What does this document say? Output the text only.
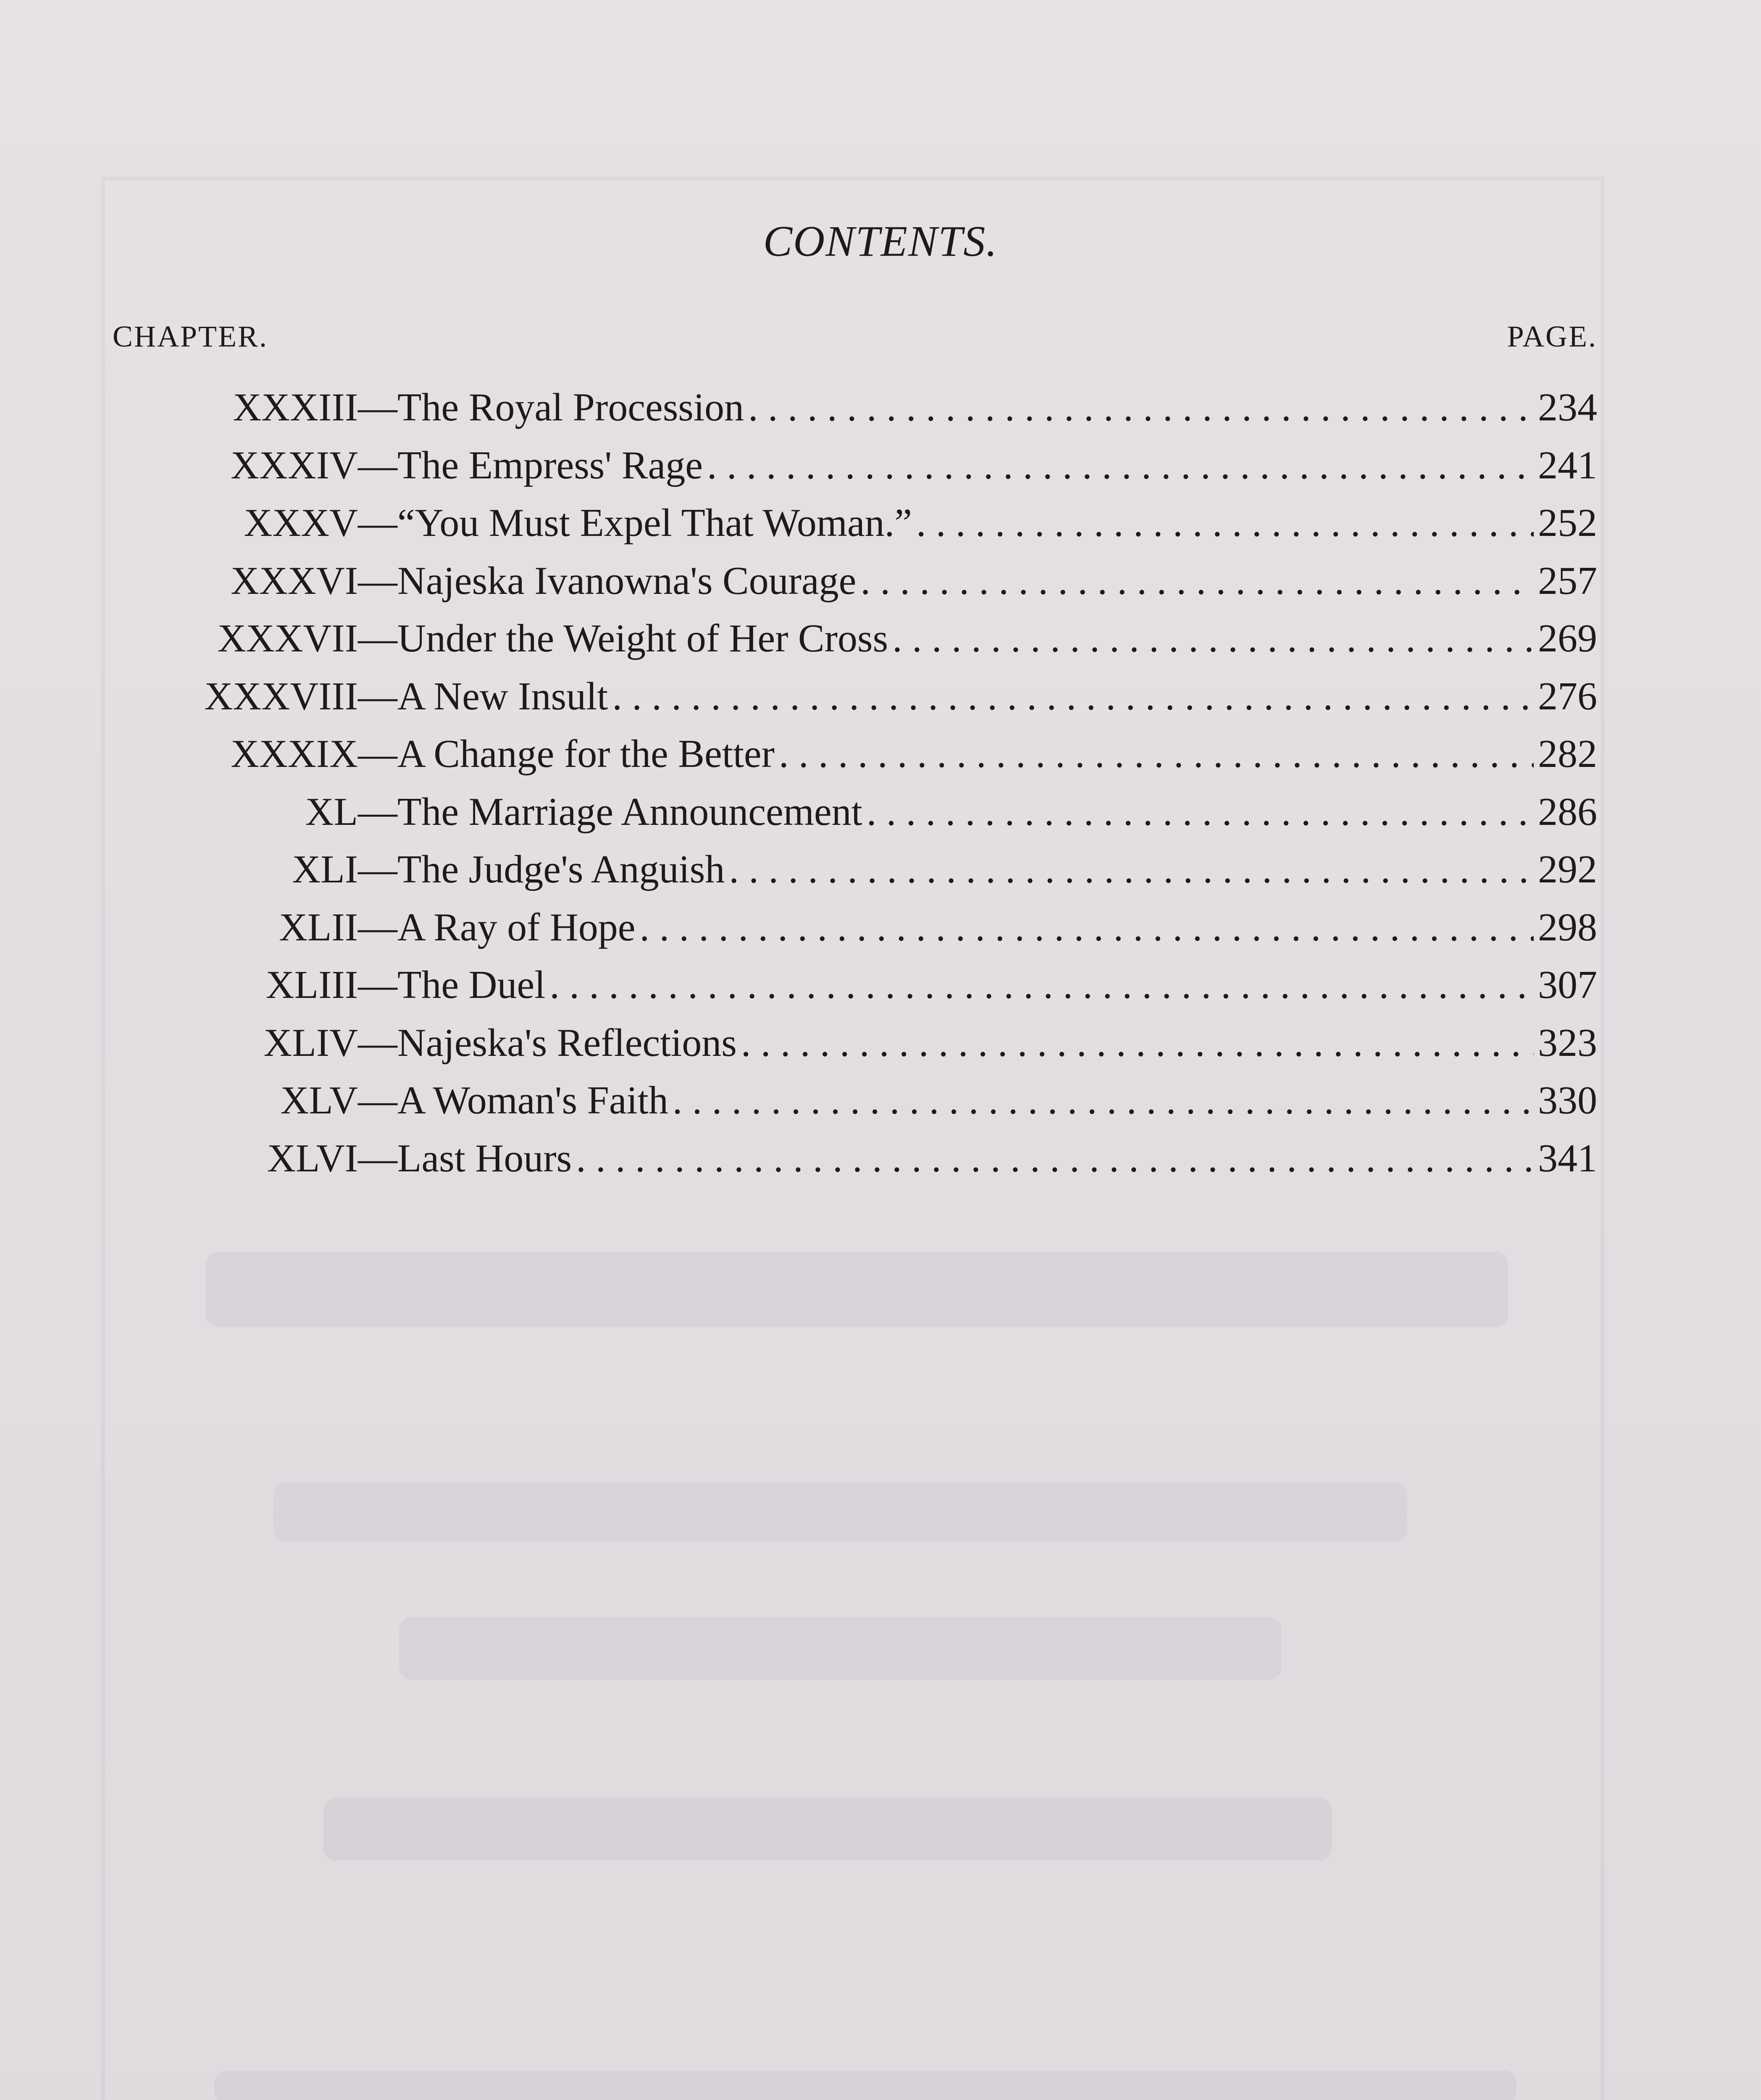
CONTENTS.
CHAPTER.	PAGE.
XXXIII — The Royal Procession . . .	234
XXXIV — The Empress' Rage . . .	241
XXXV — “You Must Expel That Woman.” . . .	252
XXXVI — Najeska Ivanowna's Courage . . .	257
XXXVII — Under the Weight of Her Cross . . .	269
XXXVIII — A New Insult . . .	276
XXXIX — A Change for the Better . . .	282
XL — The Marriage Announcement . . .	286
XLI — The Judge's Anguish . . .	292
XLII — A Ray of Hope . . .	298
XLIII — The Duel . . .	307
XLIV — Najeska's Reflections . . .	323
XLV — A Woman's Faith . . .	330
XLVI — Last Hours . . .	341
